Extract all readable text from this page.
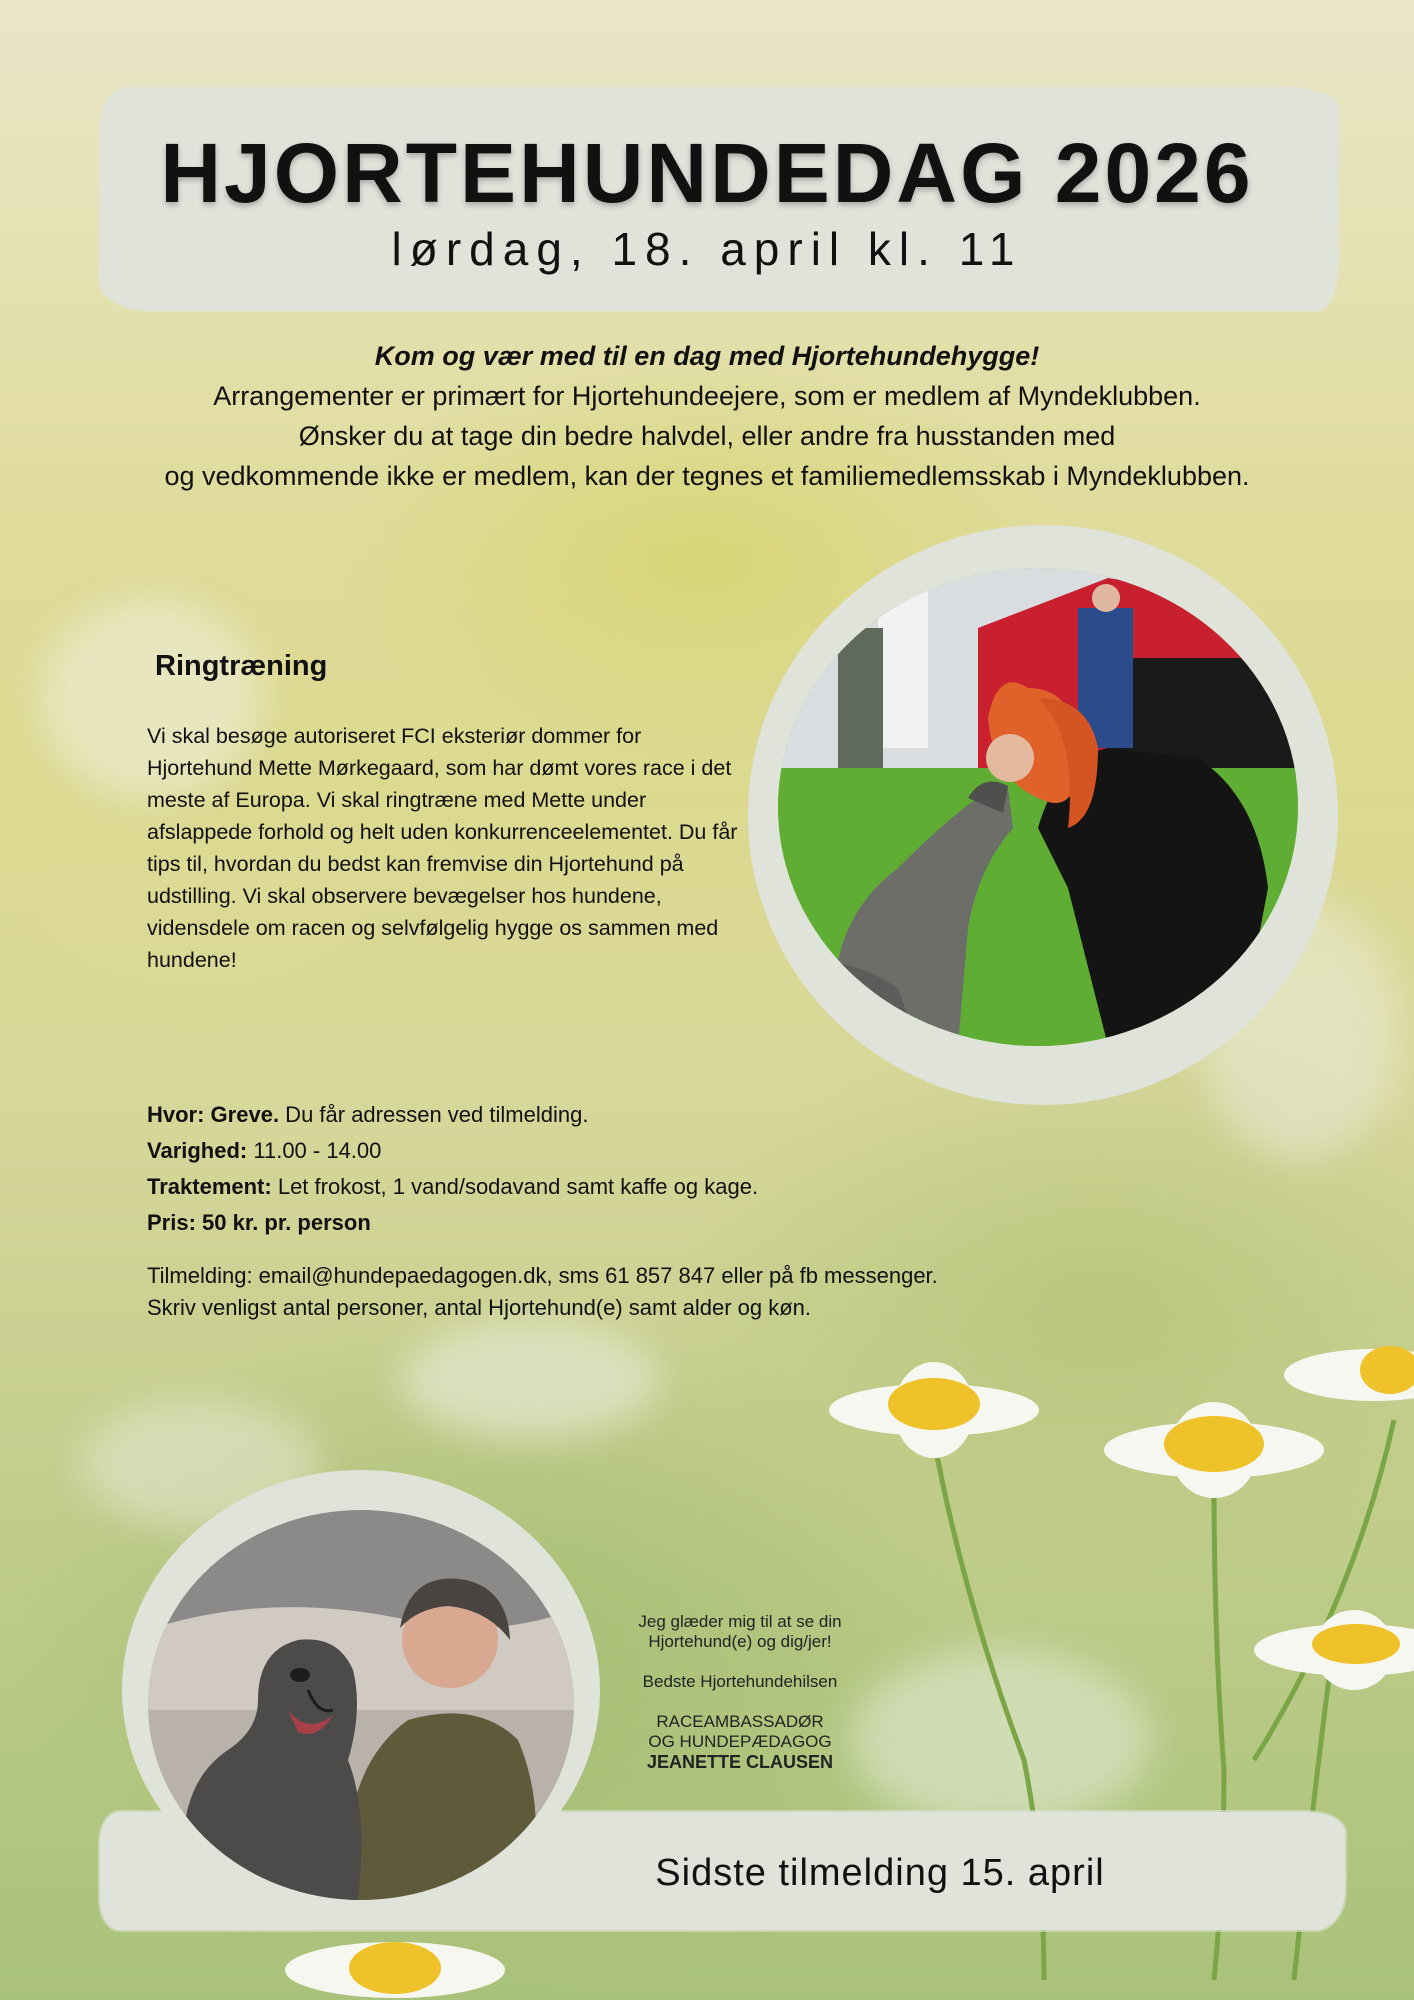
HJORTEHUNDEDAG 2026
lørdag, 18. april kl. 11
Kom og vær med til en dag med Hjortehundehygge!
Arrangementer er primært for Hjortehundeejere, som er medlem af Myndeklubben.
Ønsker du at tage din bedre halvdel, eller andre fra husstanden med
og vedkommende ikke er medlem, kan der tegnes et familiemedlemsskab i Myndeklubben.
Ringtræning
Vi skal besøge autoriseret FCI eksteriør dommer for Hjortehund Mette Mørkegaard, som har dømt vores race i det meste af Europa. Vi skal ringtræne med Mette under afslappede forhold og helt uden konkurrenceelementet. Du får tips til, hvordan du bedst kan fremvise din Hjortehund på udstilling. Vi skal observere bevægelser hos hundene, vidensdele om racen og selvfølgelig hygge os sammen med hundene!
Hvor: Greve. Du får adressen ved tilmelding.
Varighed: 11.00 - 14.00
Traktement: Let frokost, 1 vand/sodavand samt kaffe og kage.
Pris: 50 kr. pr. person
Tilmelding: email@hundepaedagogen.dk, sms 61 857 847 eller på fb messenger.
Skriv venligst antal personer, antal Hjortehund(e) samt alder og køn.
Jeg glæder mig til at se din
Hjortehund(e) og dig/jer!
Bedste Hjortehundehilsen
RACEAMBASSADØR
OG HUNDEPÆDAGOG
JEANETTE CLAUSEN
Sidste tilmelding 15. april
